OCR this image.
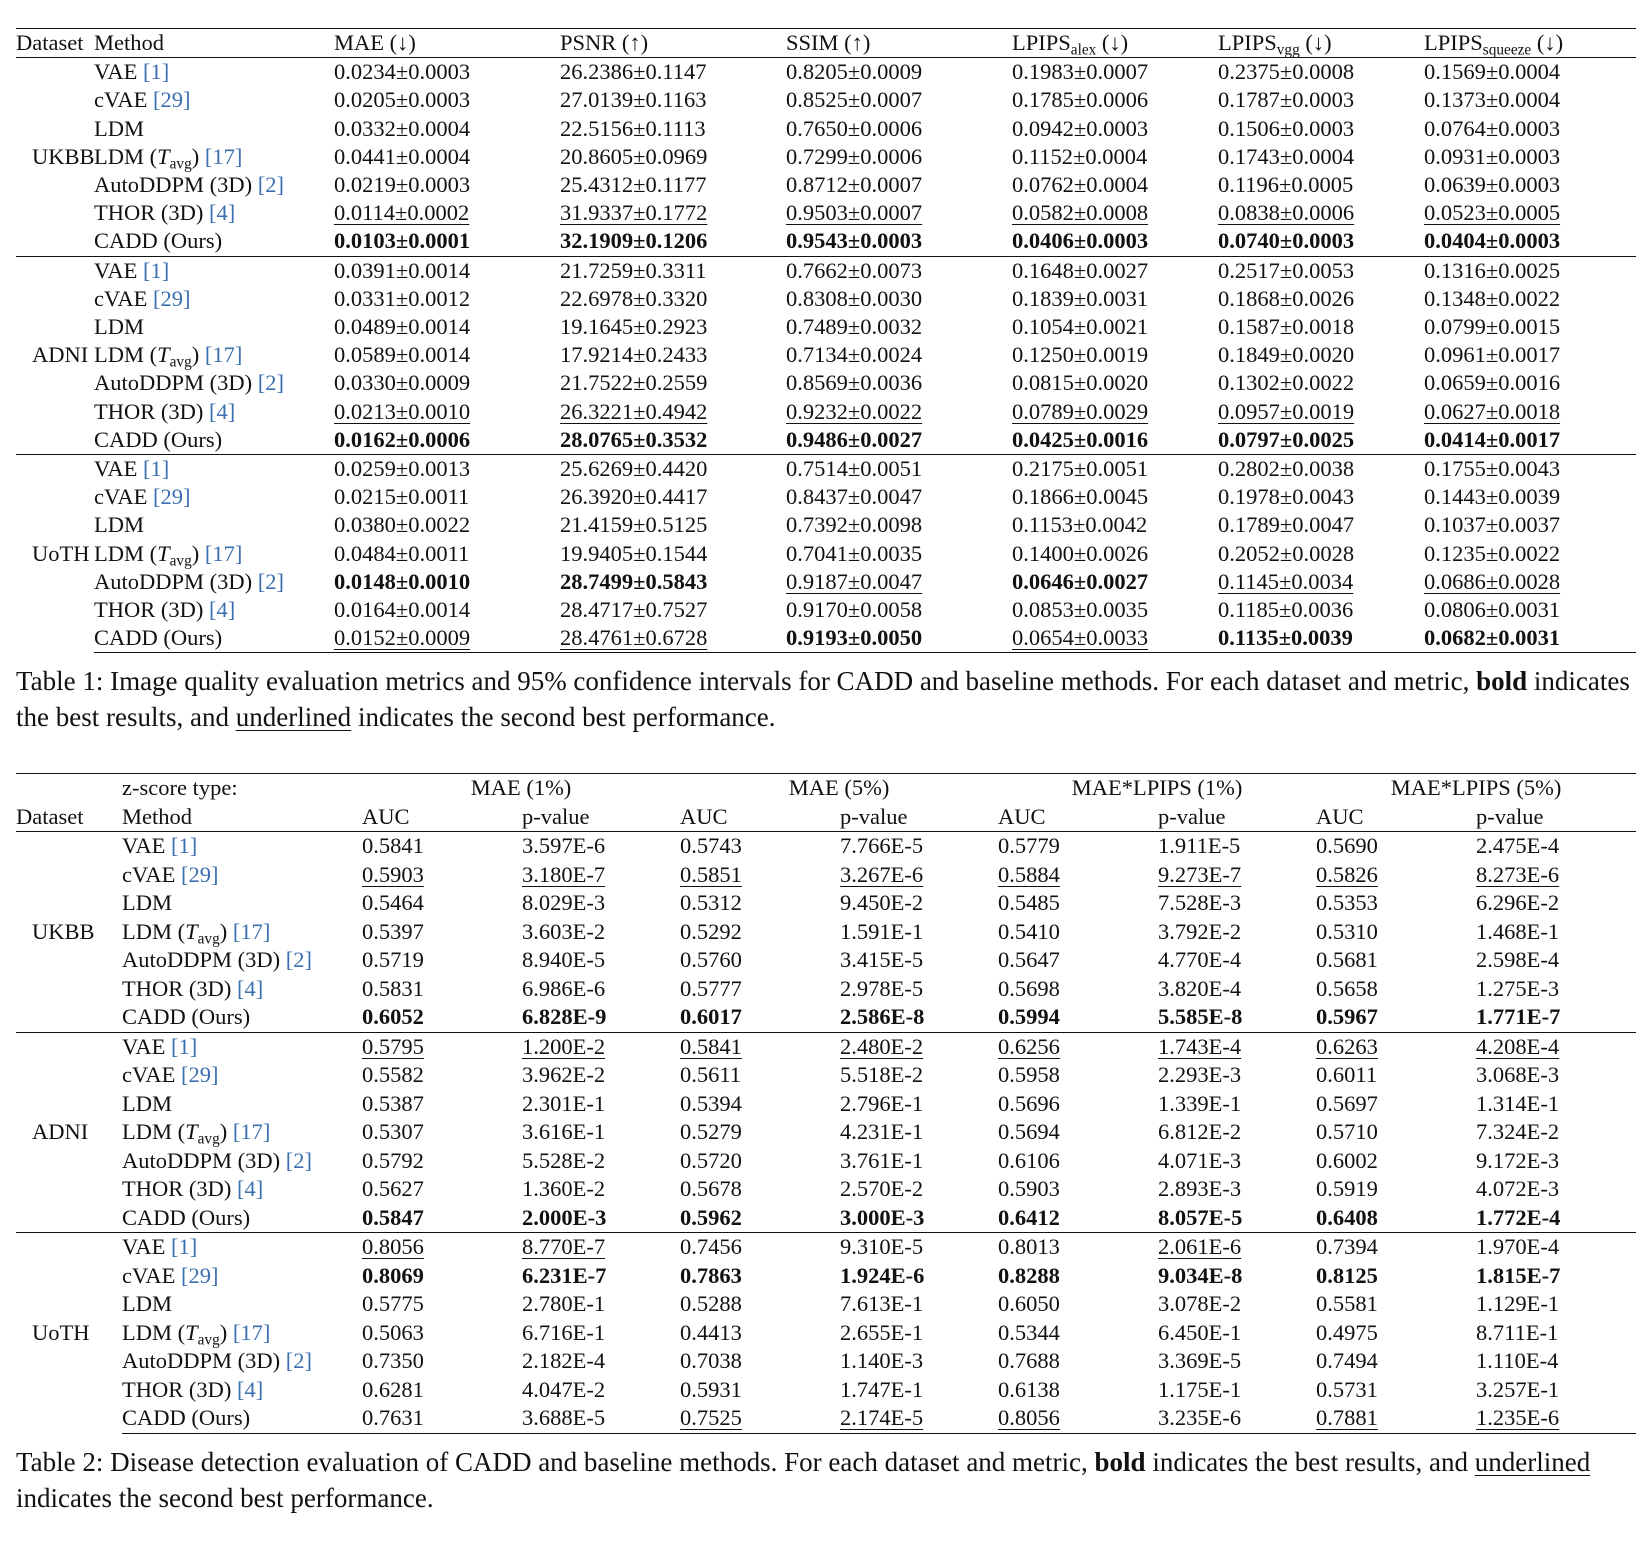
Dataset	Method	MAE (↓)	PSNR (↑)	SSIM (↑)	$LPIPS_{alex}$ (↓)	$LPIPS_{vgg}$ (↓)	$LPIPS_{squeeze}$ (↓)
UKBB	VAE [1]	0.0234±0.0003	26.2386±0.1147	0.8205±0.0009	0.1983±0.0007	0.2375±0.0008	0.1569±0.0004
	cVAE [29]	0.0205±0.0003	27.0139±0.1163	0.8525±0.0007	0.1785±0.0006	0.1787±0.0003	0.1373±0.0004
	LDM	0.0332±0.0004	22.5156±0.1113	0.7650±0.0006	0.0942±0.0003	0.1506±0.0003	0.0764±0.0003
	LDM $(T_{avg})$ [17]	0.0441±0.0004	20.8605±0.0969	0.7299±0.0006	0.1152±0.0004	0.1743±0.0004	0.0931±0.0003
	AutoDDPM (3D) [2]	0.0219±0.0003	25.4312±0.1177	0.8712±0.0007	0.0762±0.0004	0.1196±0.0005	0.0639±0.0003
	THOR (3D) [4]	0.0114±0.0002	31.9337±0.1772	0.9503±0.0007	0.0582±0.0008	0.0838±0.0006	0.0523±0.0005
	CADD (Ours)	0.0103±0.0001	32.1909±0.1206	0.9543±0.0003	0.0406±0.0003	0.0740±0.0003	0.0404±0.0003
ADNI	VAE [1]	0.0391±0.0014	21.7259±0.3311	0.7662±0.0073	0.1648±0.0027	0.2517±0.0053	0.1316±0.0025
	cVAE [29]	0.0331±0.0012	22.6978±0.3320	0.8308±0.0030	0.1839±0.0031	0.1868±0.0026	0.1348±0.0022
	LDM	0.0489±0.0014	19.1645±0.2923	0.7489±0.0032	0.1054±0.0021	0.1587±0.0018	0.0799±0.0015
	LDM $(T_{avg})$ [17]	0.0589±0.0014	17.9214±0.2433	0.7134±0.0024	0.1250±0.0019	0.1849±0.0020	0.0961±0.0017
	AutoDDPM (3D) [2]	0.0330±0.0009	21.7522±0.2559	0.8569±0.0036	0.0815±0.0020	0.1302±0.0022	0.0659±0.0016
	THOR (3D) [4]	0.0213±0.0010	26.3221±0.4942	0.9232±0.0022	0.0789±0.0029	0.0957±0.0019	0.0627±0.0018
	CADD (Ours)	0.0162±0.0006	28.0765±0.3532	0.9486±0.0027	0.0425±0.0016	0.0797±0.0025	0.0414±0.0017
UoTH	VAE [1]	0.0259±0.0013	25.6269±0.4420	0.7514±0.0051	0.2175±0.0051	0.2802±0.0038	0.1755±0.0043
	cVAE [29]	0.0215±0.0011	26.3920±0.4417	0.8437±0.0047	0.1866±0.0045	0.1978±0.0043	0.1443±0.0039
	LDM	0.0380±0.0022	21.4159±0.5125	0.7392±0.0098	0.1153±0.0042	0.1789±0.0047	0.1037±0.0037
	LDM $(T_{avg})$ [17]	0.0484±0.0011	19.9405±0.1544	0.7041±0.0035	0.1400±0.0026	0.2052±0.0028	0.1235±0.0022
	AutoDDPM (3D) [2]	0.0148±0.0010	28.7499±0.5843	0.9187±0.0047	0.0646±0.0027	0.1145±0.0034	0.0686±0.0028
	THOR (3D) [4]	0.0164±0.0014	28.4717±0.7527	0.9170±0.0058	0.0853±0.0035	0.1185±0.0036	0.0806±0.0031
	CADD (Ours)	0.0152±0.0009	28.4761±0.6728	0.9193±0.0050	0.0654±0.0033	0.1135±0.0039	0.0682±0.0031
Table 1: Image quality evaluation metrics and 95% confidence intervals for CADD and baseline methods. For each dataset and metric, bold indicates the best results, and underlined indicates the second best performance.
	z-score type:	MAE (1%)		MAE (5%)		MAE*LPIPS (1%)		MAE*LPIPS (5%)	
Dataset	Method	AUC	p-value	AUC	p-value	AUC	p-value	AUC	p-value
UKBB	VAE [1]	0.5841	3.597E-6	0.5743	7.766E-5	0.5779	1.911E-5	0.5690	2.475E-4
	cVAE [29]	0.5903	3.180E-7	0.5851	3.267E-6	0.5884	9.273E-7	0.5826	8.273E-6
	LDM	0.5464	8.029E-3	0.5312	9.450E-2	0.5485	7.528E-3	0.5353	6.296E-2
	LDM $(T_{avg})$ [17]	0.5397	3.603E-2	0.5292	1.591E-1	0.5410	3.792E-2	0.5310	1.468E-1
	AutoDDPM (3D) [2]	0.5719	8.940E-5	0.5760	3.415E-5	0.5647	4.770E-4	0.5681	2.598E-4
	THOR (3D) [4]	0.5831	6.986E-6	0.5777	2.978E-5	0.5698	3.820E-4	0.5658	1.275E-3
	CADD (Ours)	0.6052	6.828E-9	0.6017	2.586E-8	0.5994	5.585E-8	0.5967	1.771E-7
ADNI	VAE [1]	0.5795	1.200E-2	0.5841	2.480E-2	0.6256	1.743E-4	0.6263	4.208E-4
	cVAE [29]	0.5582	3.962E-2	0.5611	5.518E-2	0.5958	2.293E-3	0.6011	3.068E-3
	LDM	0.5387	2.301E-1	0.5394	2.796E-1	0.5696	1.339E-1	0.5697	1.314E-1
	LDM $(T_{avg})$ [17]	0.5307	3.616E-1	0.5279	4.231E-1	0.5694	6.812E-2	0.5710	7.324E-2
	AutoDDPM (3D) [2]	0.5792	5.528E-2	0.5720	3.761E-1	0.6106	4.071E-3	0.6002	9.172E-3
	THOR (3D) [4]	0.5627	1.360E-2	0.5678	2.570E-2	0.5903	2.893E-3	0.5919	4.072E-3
	CADD (Ours)	0.5847	2.000E-3	0.5962	3.000E-3	0.6412	8.057E-5	0.6408	1.772E-4
UoTH	VAE [1]	0.8056	8.770E-7	0.7456	9.310E-5	0.8013	2.061E-6	0.7394	1.970E-4
	cVAE [29]	0.8069	6.231E-7	0.7863	1.924E-6	0.8288	9.034E-8	0.8125	1.815E-7
	LDM	0.5775	2.780E-1	0.5288	7.613E-1	0.6050	3.078E-2	0.5581	1.129E-1
	LDM $(T_{avg})$ [17]	0.5063	6.716E-1	0.4413	2.655E-1	0.5344	6.450E-1	0.4975	8.711E-1
	AutoDDPM (3D) [2]	0.7350	2.182E-4	0.7038	1.140E-3	0.7688	3.369E-5	0.7494	1.110E-4
	THOR (3D) [4]	0.6281	4.047E-2	0.5931	1.747E-1	0.6138	1.175E-1	0.5731	3.257E-1
	CADD (Ours)	0.7631	3.688E-5	0.7525	2.174E-5	0.8056	3.235E-6	0.7881	1.235E-6
Table 2: Disease detection evaluation of CADD and baseline methods. For each dataset and metric, bold indicates the best results, and underlined indicates the second best performance.
